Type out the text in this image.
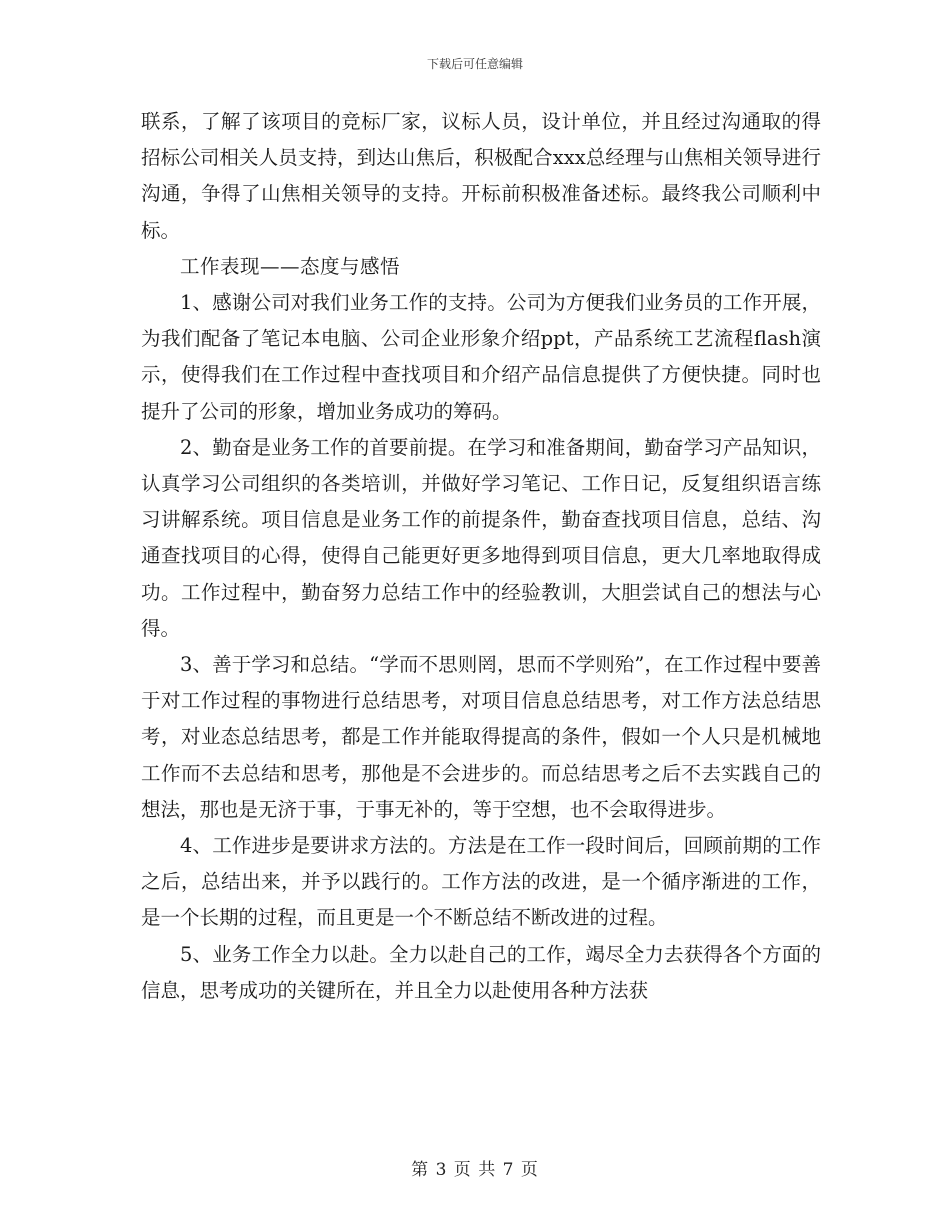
下载后可任意编辑

联系，了解了该项目的竞标厂家，议标人员，设计单位，并且经过沟通取的得招标公司相关人员支持，到达山焦后，积极配合xxx总经理与山焦相关领导进行沟通，争得了山焦相关领导的支持。开标前积极准备述标。最终我公司顺利中标。

工作表现——态度与感悟

1、感谢公司对我们业务工作的支持。公司为方便我们业务员的工作开展，为我们配备了笔记本电脑、公司企业形象介绍ppt，产品系统工艺流程flash演示，使得我们在工作过程中查找项目和介绍产品信息提供了方便快捷。同时也提升了公司的形象，增加业务成功的筹码。

2、勤奋是业务工作的首要前提。在学习和准备期间，勤奋学习产品知识，认真学习公司组织的各类培训，并做好学习笔记、工作日记，反复组织语言练习讲解系统。项目信息是业务工作的前提条件，勤奋查找项目信息，总结、沟通查找项目的心得，使得自己能更好更多地得到项目信息，更大几率地取得成功。工作过程中，勤奋努力总结工作中的经验教训，大胆尝试自己的想法与心得。

3、善于学习和总结。“学而不思则罔，思而不学则殆”，在工作过程中要善于对工作过程的事物进行总结思考，对项目信息总结思考，对工作方法总结思考，对业态总结思考，都是工作并能取得提高的条件，假如一个人只是机械地工作而不去总结和思考，那他是不会进步的。而总结思考之后不去实践自己的想法，那也是无济于事，于事无补的，等于空想，也不会取得进步。

4、工作进步是要讲求方法的。方法是在工作一段时间后，回顾前期的工作之后，总结出来，并予以践行的。工作方法的改进，是一个循序渐进的工作，是一个长期的过程，而且更是一个不断总结不断改进的过程。

5、业务工作全力以赴。全力以赴自己的工作，竭尽全力去获得各个方面的信息，思考成功的关键所在，并且全力以赴使用各种方法获

第 3 页 共 7 页
